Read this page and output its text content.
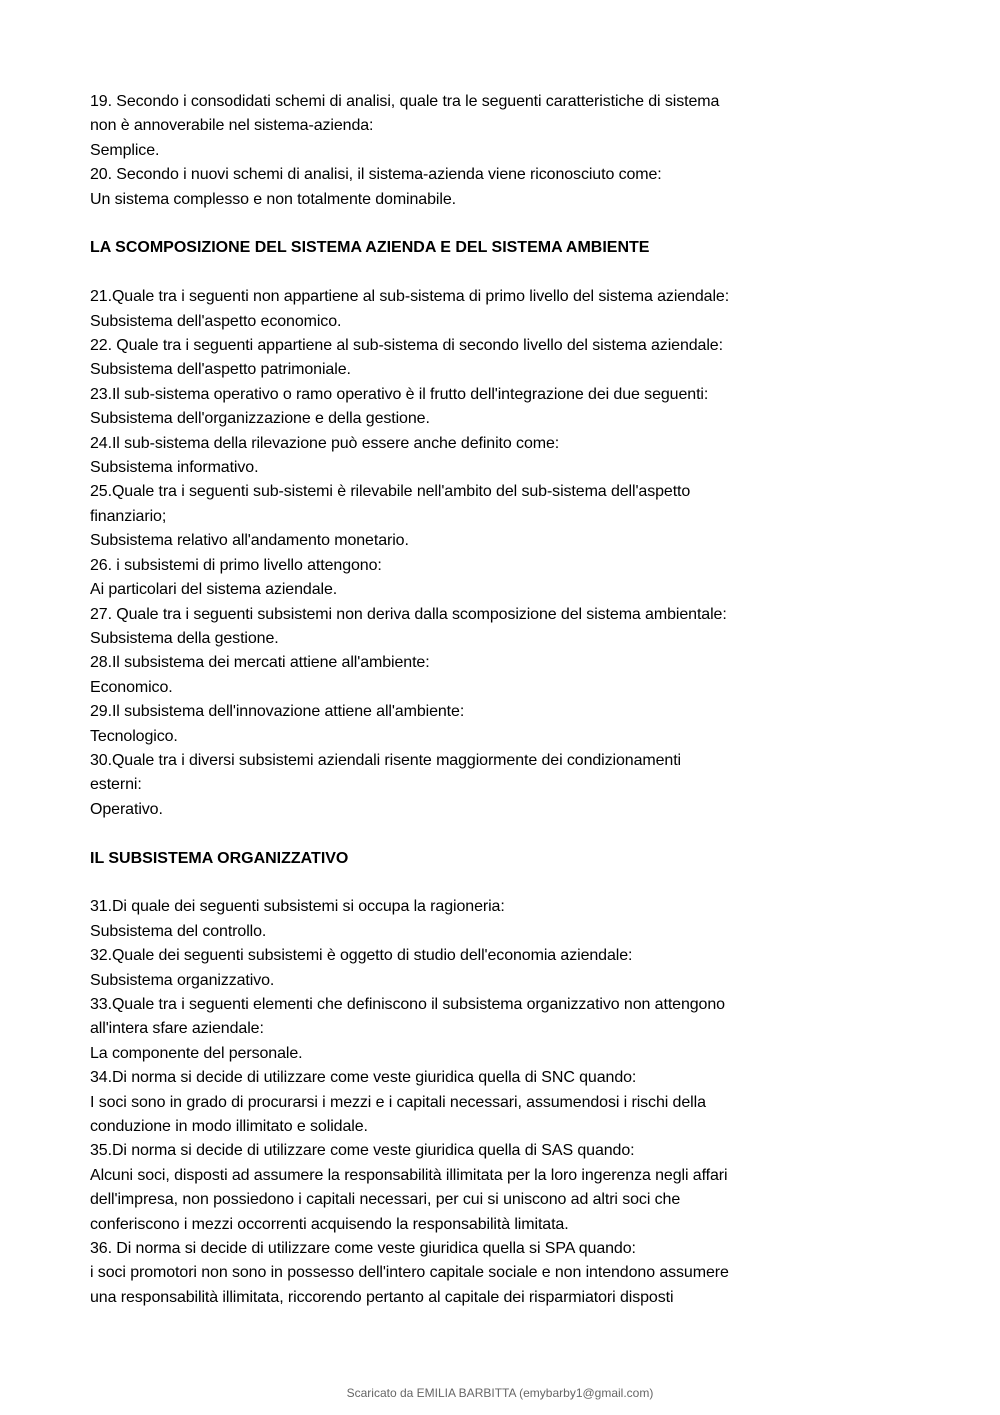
19. Secondo i consodidati schemi di analisi, quale tra le seguenti caratteristiche di sistema
non è annoverabile nel sistema-azienda:
Semplice.
20. Secondo i nuovi schemi di analisi, il sistema-azienda viene riconosciuto come:
Un sistema complesso e non totalmente dominabile.
LA SCOMPOSIZIONE DEL SISTEMA AZIENDA E DEL SISTEMA AMBIENTE
21.Quale tra i seguenti non appartiene al sub-sistema di primo livello del sistema aziendale:
Subsistema dell'aspetto economico.
22. Quale tra i seguenti appartiene al sub-sistema di secondo livello del sistema aziendale:
Subsistema dell'aspetto patrimoniale.
23.Il sub-sistema operativo o ramo operativo è il frutto dell'integrazione dei due seguenti:
Subsistema dell'organizzazione e della gestione.
24.Il sub-sistema della rilevazione può essere anche definito come:
Subsistema informativo.
25.Quale tra i seguenti sub-sistemi è rilevabile nell'ambito del sub-sistema dell'aspetto
finanziario;
Subsistema relativo all'andamento monetario.
26. i subsistemi di primo livello attengono:
Ai particolari del sistema aziendale.
27. Quale tra i seguenti subsistemi non deriva dalla scomposizione del sistema ambientale:
Subsistema della gestione.
28.Il subsistema dei mercati attiene all'ambiente:
Economico.
29.Il subsistema dell'innovazione attiene all'ambiente:
Tecnologico.
30.Quale tra i diversi subsistemi aziendali risente maggiormente dei condizionamenti
esterni:
Operativo.
IL SUBSISTEMA ORGANIZZATIVO
31.Di quale dei seguenti subsistemi si occupa la ragioneria:
Subsistema del controllo.
32.Quale dei seguenti subsistemi è oggetto di studio dell'economia aziendale:
Subsistema organizzativo.
33.Quale tra i seguenti elementi che definiscono il subsistema organizzativo non attengono
all'intera sfare aziendale:
La componente del personale.
34.Di norma si decide di utilizzare come veste giuridica quella di SNC quando:
I soci sono in grado di procurarsi i mezzi e i capitali necessari, assumendosi i rischi della
conduzione in modo illimitato e solidale.
35.Di norma si decide di utilizzare come veste giuridica quella di SAS quando:
Alcuni soci, disposti ad assumere la responsabilità illimitata per la loro ingerenza negli affari
dell'impresa, non possiedono i capitali necessari, per cui si uniscono ad altri soci che
conferiscono i mezzi occorrenti acquisendo la responsabilità limitata.
36. Di norma si decide di utilizzare come veste giuridica quella si SPA quando:
i soci promotori non sono in possesso dell'intero capitale sociale e non intendono assumere
una responsabilità illimitata, riccorendo pertanto al capitale dei risparmiatori disposti
Scaricato da EMILIA BARBITTA (emybarby1@gmail.com)
